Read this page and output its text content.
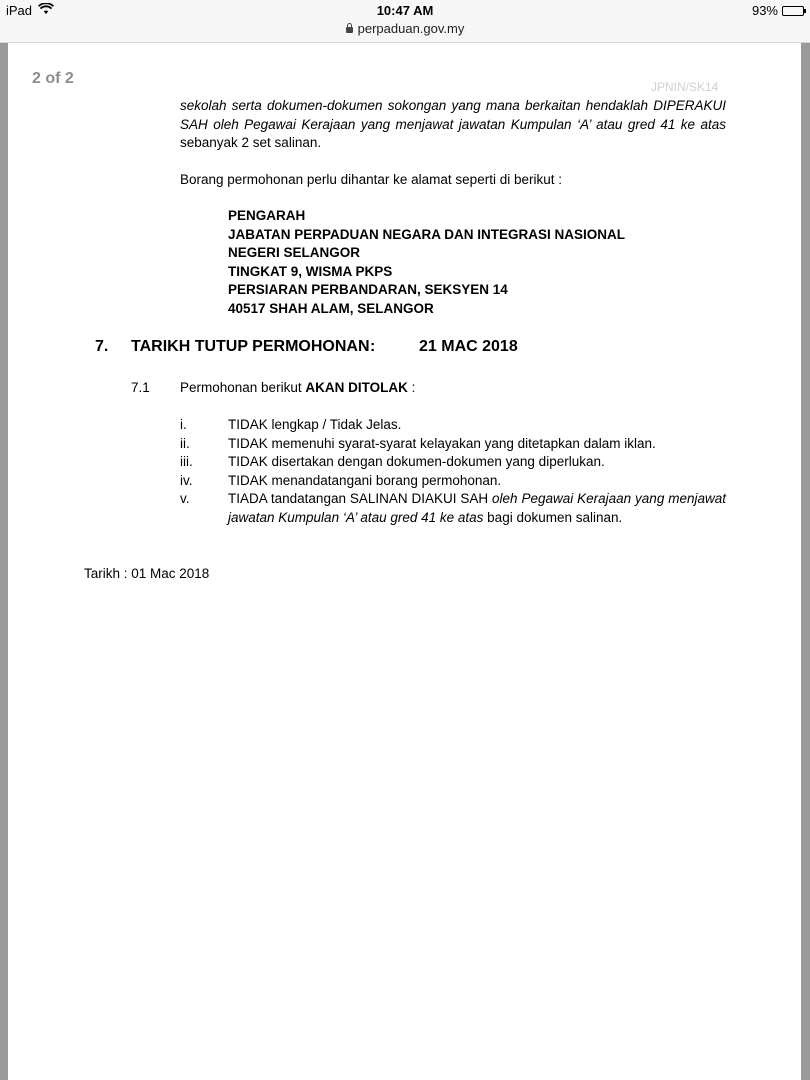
iPad	10:47 AM	93%
perpaduan.gov.my
2 of 2	JPNIN/SK14
sekolah serta dokumen-dokumen sokongan yang mana berkaitan hendaklah DIPERAKUI SAH oleh Pegawai Kerajaan yang menjawat jawatan Kumpulan ‘A’ atau gred 41 ke atas sebanyak 2 set salinan.
Borang permohonan perlu dihantar ke alamat seperti di berikut :
PENGARAH
JABATAN PERPADUAN NEGARA DAN INTEGRASI NASIONAL
NEGERI SELANGOR
TINGKAT 9, WISMA PKPS
PERSIARAN PERBANDARAN, SEKSYEN 14
40517 SHAH ALAM, SELANGOR
7. TARIKH TUTUP PERMOHONAN :	21 MAC 2018
7.1 Permohonan berikut AKAN DITOLAK :
i.	TIDAK lengkap / Tidak Jelas.
ii.	TIDAK memenuhi syarat-syarat kelayakan yang ditetapkan dalam iklan.
iii.	TIDAK disertakan dengan dokumen-dokumen yang diperlukan.
iv.	TIDAK menandatangani borang permohonan.
v.	TIADA tandatangan SALINAN DIAKUI SAH oleh Pegawai Kerajaan yang menjawat jawatan Kumpulan ‘A’ atau gred 41 ke atas bagi dokumen salinan.
Tarikh : 01 Mac 2018
